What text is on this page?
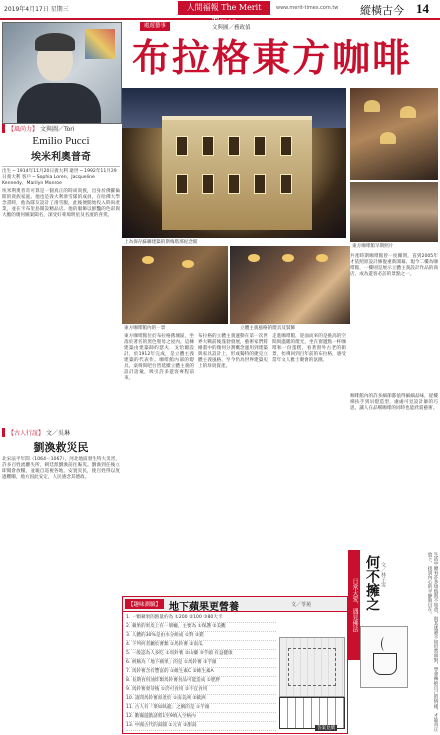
2019年4月17日 星期三	人間福報 The Merit Times
www.merit-times.com.tw 縱橫古今 14
【風尚力】 文與圖／Tori
Emilio Pucci
埃米利奧普奇
出生 ─ 1914年11月20日義大利 逝世 ─ 1992年11月29日義大利 客戶 ─ Sophia Loren、Jacqueline Kennedy、Marilyn Monroe
埃米利奧普奇可算是一個真正的時尚貴族，出身於佛羅倫斯的貴族家庭。他也是義大利滑雪隊的成員，在哈佛大學念書時，他為隊友設計了滑雪服，此後便開始投入時尚產業，並在卡布里島開設精品店。他的服飾以鮮豔的色彩與大膽的幾何圖案聞名，深受好萊塢明星及名流的喜愛。
【古人行誼】 文／吳琳
劉渙救災民
北宋法平年間（1064－1067），河北地區發生特大災害，許多百姓流離失所，朝廷派劉渙前往賑災。劉渙到任後立即開倉放糧，並親自巡視各地，安置災民，使百姓得以度過難關，地方因此安定，人民感念其德政。
處遊藝事	文與圖／務政偵
布拉格東方咖啡
上為保存蘇聯建築的斯梅塔那紀念館
東方咖啡館早期照片
東方咖啡館內的一景	立體主義風格的燈具及裝飾
東方咖啡館位於布拉格舊城區，坐落於著名的黑色聖母之屋內。這棟建築由建築師約瑟夫．戈恰爾設計，於1912年完成，是立體主義建築的代表作。咖啡館內部的燈具、桌椅與吧台皆延續立體主義的設計語彙，吸引許多遊客專程前來。
布拉格的立體主義運動在第一次世界大戰前後蓬勃發展，藝術家們將繪畫中的幾何分割概念運用到建築與家具設計上，形成獨特的捷克立體主義風格，至今仍為世界建築史上的珍貴資產。
走進咖啡館，迎面而來的是挑高的空間與溫暖的燈光，坐在窗邊點一杯咖啡和一份蛋糕，看著窗外古老的街景，彷彿回到百年前的布拉格，感受當年文人雅士聚會的氛圍。
共產時期咖啡館曾一度關閉，直到2005年才依照原設計修復重新開幕。現今二樓為咖啡館，一樓則是展示立體主義設計作品的商店，成為遊客必訪的景點之一。
咖啡館內的許多細節都值得細細品味，從樓梯扶手到吊燈造型，處處可見設計師的巧思，讓人在品嚐咖啡的同時也能欣賞藝術。
日常大愛．遇見佛法 何不擁之 文／林子雯	生活中總有許多煩惱與不如意，與其逃避不如坦然面對，學會擁抱自己的情緒，才能真正放下，找到內心的平靜與自在。
【趣味測驗】 地下蘋果更營養	文／苓苑
1. 一顆蘋果的熱量約為 ①200 ②100 ③80大卡
2. 蘋果的果皮上有一層蠟，主要為 ①保護 ②美觀
3. 人體的30%是由水分組成 ①對 ②錯
4. 下列何者屬於薯類 ①馬鈴薯 ②南瓜
5. 一般認為人多吃 ①馬鈴薯 ②山藥 ③芋頭 有益健康
6. 被稱為「地下蘋果」的是 ①馬鈴薯 ②芋頭
7. 馬鈴薯含有豐富的 ①維生素C ②維生素A
8. 長期食用油炸類馬鈴薯食品可能造成 ①肥胖
9. 馬鈴薯發芽後 ①仍可食用 ②不宜食用
10. 請問馬鈴薯原產於 ①南美洲 ②歐洲
11. 古人有「菜如臥龍」之稱的是 ①芋頭
12. 數獨遊戲請將1至9填入空格內
13. 中國古代的湯圓 ①元宵 ②甜湯
答案見續
